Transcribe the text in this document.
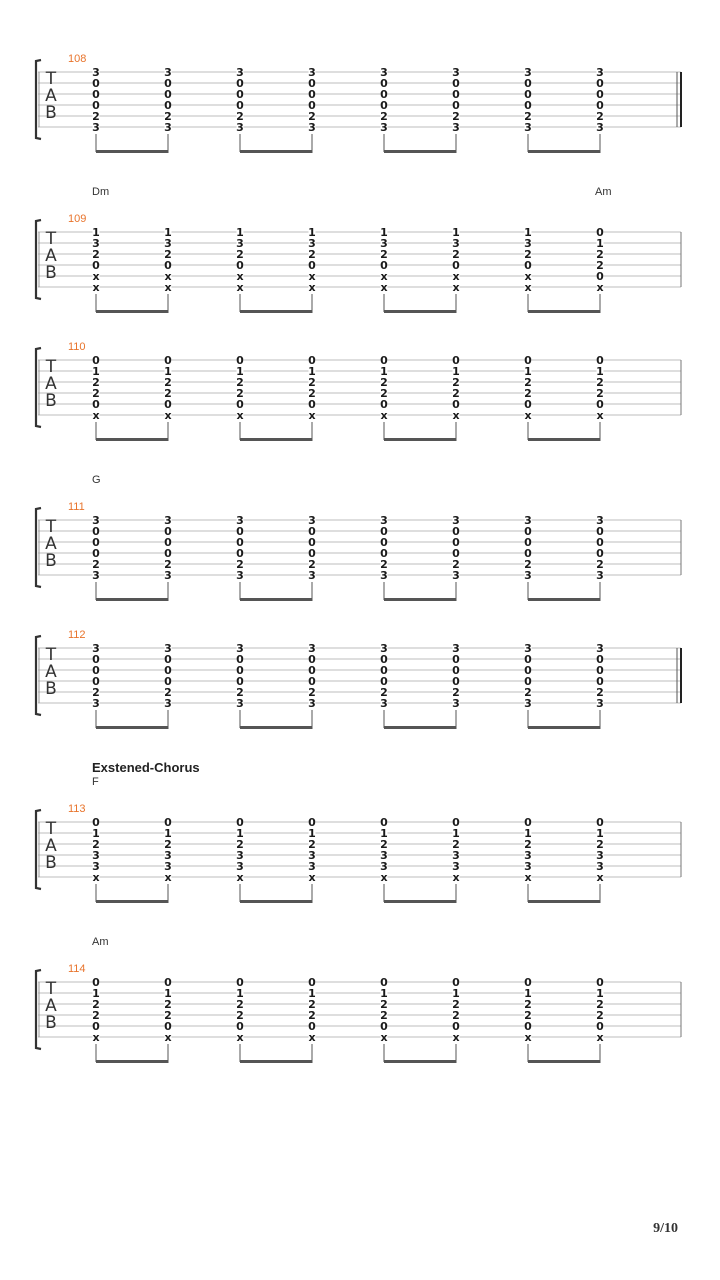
108
T
A
B
3
0
0
0
2
3
3
0
0
0
2
3
3
0
0
0
2
3
3
0
0
0
2
3
3
0
0
0
2
3
3
0
0
0
2
3
3
0
0
0
2
3
3
0
0
0
2
3
Dm	Am
109
T
A
B
1
3
2
0
x
x
1
3
2
0
x
x
1
3
2
0
x
x
1
3
2
0
x
x
1
3
2
0
x
x
1
3
2
0
x
x
1
3
2
0
x
x
0
1
2
2
0
x
110
T
A
B
0
1
2
2
0
x
0
1
2
2
0
x
0
1
2
2
0
x
0
1
2
2
0
x
0
1
2
2
0
x
0
1
2
2
0
x
0
1
2
2
0
x
0
1
2
2
0
x
G
111
T
A
B
3
0
0
0
2
3
3
0
0
0
2
3
3
0
0
0
2
3
3
0
0
0
2
3
3
0
0
0
2
3
3
0
0
0
2
3
3
0
0
0
2
3
3
0
0
0
2
3
112
T
A
B
3
0
0
0
2
3
3
0
0
0
2
3
3
0
0
0
2
3
3
0
0
0
2
3
3
0
0
0
2
3
3
0
0
0
2
3
3
0
0
0
2
3
3
0
0
0
2
3
Exstened-Chorus
F
113
T
A
B
0
1
2
3
3
x
0
1
2
3
3
x
0
1
2
3
3
x
0
1
2
3
3
x
0
1
2
3
3
x
0
1
2
3
3
x
0
1
2
3
3
x
0
1
2
3
3
x
Am
114
T
A
B
0
1
2
2
0
x
0
1
2
2
0
x
0
1
2
2
0
x
0
1
2
2
0
x
0
1
2
2
0
x
0
1
2
2
0
x
0
1
2
2
0
x
0
1
2
2
0
x
9/10
